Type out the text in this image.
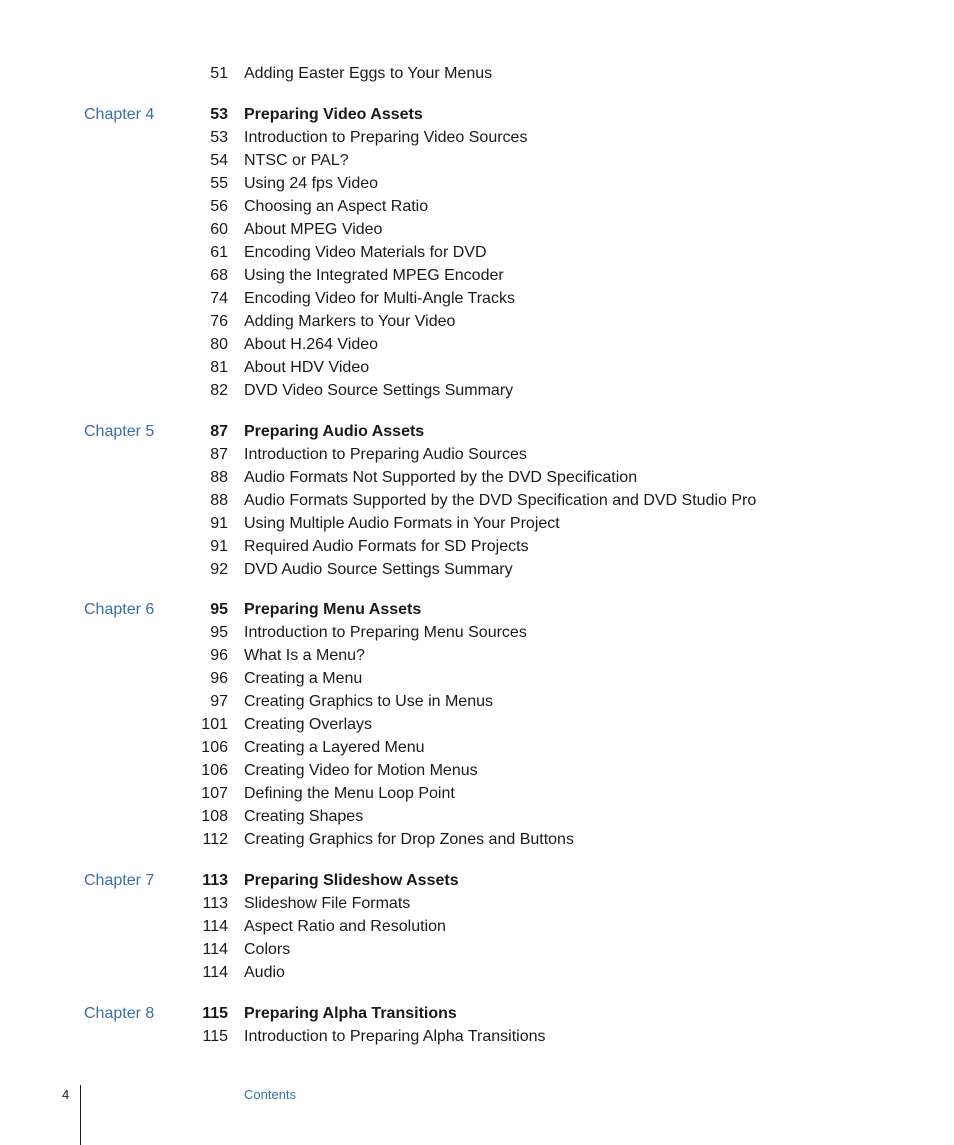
51 Adding Easter Eggs to Your Menus
Chapter 4	53 Preparing Video Assets
53 Introduction to Preparing Video Sources
54 NTSC or PAL?
55 Using 24 fps Video
56 Choosing an Aspect Ratio
60 About MPEG Video
61 Encoding Video Materials for DVD
68 Using the Integrated MPEG Encoder
74 Encoding Video for Multi-Angle Tracks
76 Adding Markers to Your Video
80 About H.264 Video
81 About HDV Video
82 DVD Video Source Settings Summary
Chapter 5	87 Preparing Audio Assets
87 Introduction to Preparing Audio Sources
88 Audio Formats Not Supported by the DVD Specification
88 Audio Formats Supported by the DVD Specification and DVD Studio Pro
91 Using Multiple Audio Formats in Your Project
91 Required Audio Formats for SD Projects
92 DVD Audio Source Settings Summary
Chapter 6	95 Preparing Menu Assets
95 Introduction to Preparing Menu Sources
96 What Is a Menu?
96 Creating a Menu
97 Creating Graphics to Use in Menus
101 Creating Overlays
106 Creating a Layered Menu
106 Creating Video for Motion Menus
107 Defining the Menu Loop Point
108 Creating Shapes
112 Creating Graphics for Drop Zones and Buttons
Chapter 7	113 Preparing Slideshow Assets
113 Slideshow File Formats
114 Aspect Ratio and Resolution
114 Colors
114 Audio
Chapter 8	115 Preparing Alpha Transitions
115 Introduction to Preparing Alpha Transitions
4	Contents
